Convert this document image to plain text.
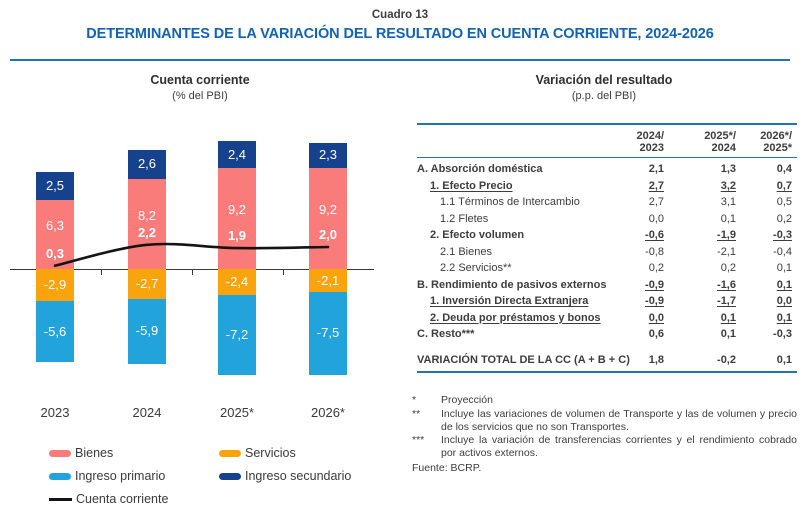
Cuadro 13
DETERMINANTES DE LA VARIACIÓN DEL RESULTADO EN CUENTA CORRIENTE, 2024-2026
Cuenta corriente
(% del PBI)
6,3
2,5
-2,9
-5,6
2023
0,3
8,2
2,6
-2,7
-5,9
2024
2,2
9,2
2,4
-2,4
-7,2
2025*
1,9
9,2
2,3
-2,1
-7,5
2026*
2,0
Bienes	Servicios
Ingreso primario	Ingreso secundario
Cuenta corriente
Variación del resultado
(p.p. del PBI)

2024/
2023

2025*/
2024

2026*/
2025*

A. Absorción doméstica	2,1	1,3	0,4
1. Efecto Precio	2,7	3,2	0,7
1.1 Términos de Intercambio	2,7	3,1	0,5
1.2 Fletes	0,0	0,1	0,2
2. Efecto volumen	-0,6	-1,9	-0,3
2.1 Bienes	-0,8	-2,1	-0,4
2.2 Servicios**	0,2	0,2	0,1
B. Rendimiento de pasivos externos	-0,9	-1,6	0,1
1. Inversión Directa Extranjera	-0,9	-1,7	0,0
2. Deuda por préstamos y bonos	0,0	0,1	0,1
C. Resto***	0,6	0,1	-0,3
VARIACIÓN TOTAL DE LA CC (A + B + C)	1,8	-0,2	0,1
*	Proyección
**	Incluye las variaciones de volumen de Transporte y las de volumen y precio de los servicios que no son Transportes.
***	Incluye la variación de transferencias corrientes y el rendimiento cobrado por activos externos.
Fuente: BCRP.
